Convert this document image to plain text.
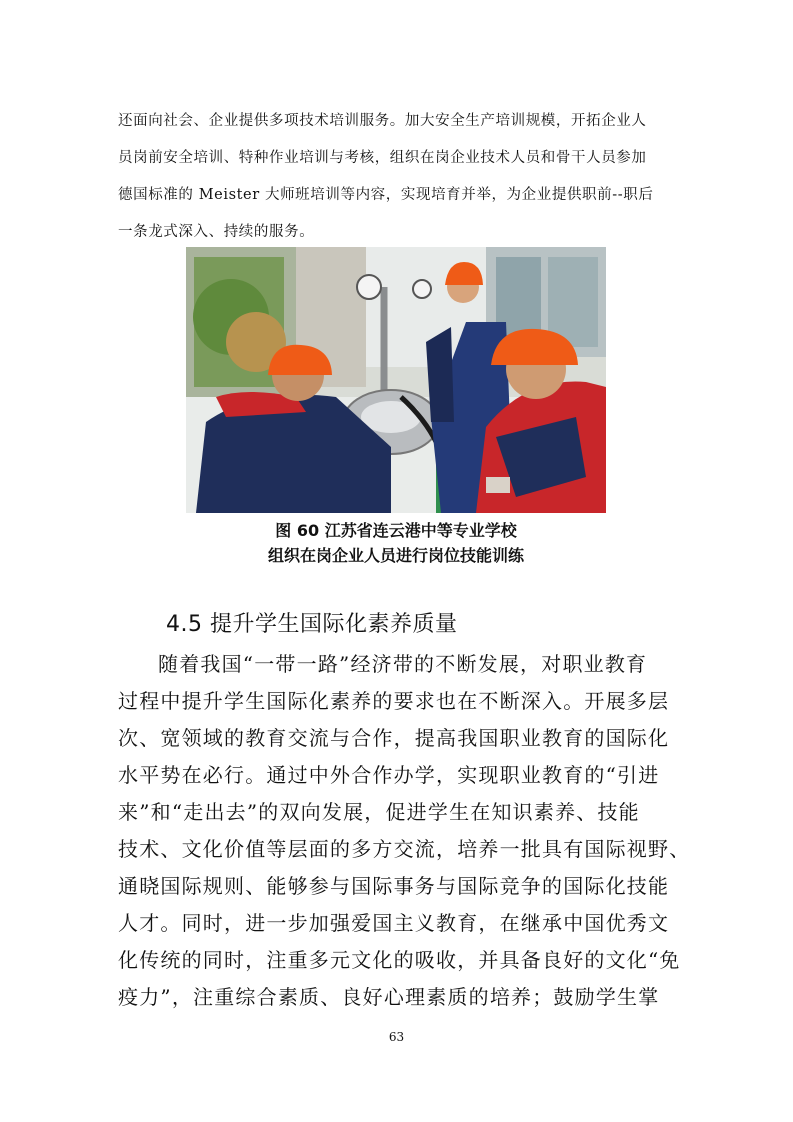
还面向社会、企业提供多项技术培训服务。加大安全生产培训规模，开拓企业人
员岗前安全培训、特种作业培训与考核，组织在岗企业技术人员和骨干人员参加
德国标准的 Meister 大师班培训等内容，实现培育并举，为企业提供职前--职后
一条龙式深入、持续的服务。
图 60 江苏省连云港中等专业学校
组织在岗企业人员进行岗位技能训练
4.5 提升学生国际化素养质量
随着我国“一带一路”经济带的不断发展，对职业教育
过程中提升学生国际化素养的要求也在不断深入。开展多层
次、宽领域的教育交流与合作，提高我国职业教育的国际化
水平势在必行。通过中外合作办学，实现职业教育的“引进
来”和“走出去”的双向发展，促进学生在知识素养、技能
技术、文化价值等层面的多方交流，培养一批具有国际视野、
通晓国际规则、能够参与国际事务与国际竞争的国际化技能
人才。同时，进一步加强爱国主义教育，在继承中国优秀文
化传统的同时，注重多元文化的吸收，并具备良好的文化“免
疫力”，注重综合素质、良好心理素质的培养；鼓励学生掌
63
